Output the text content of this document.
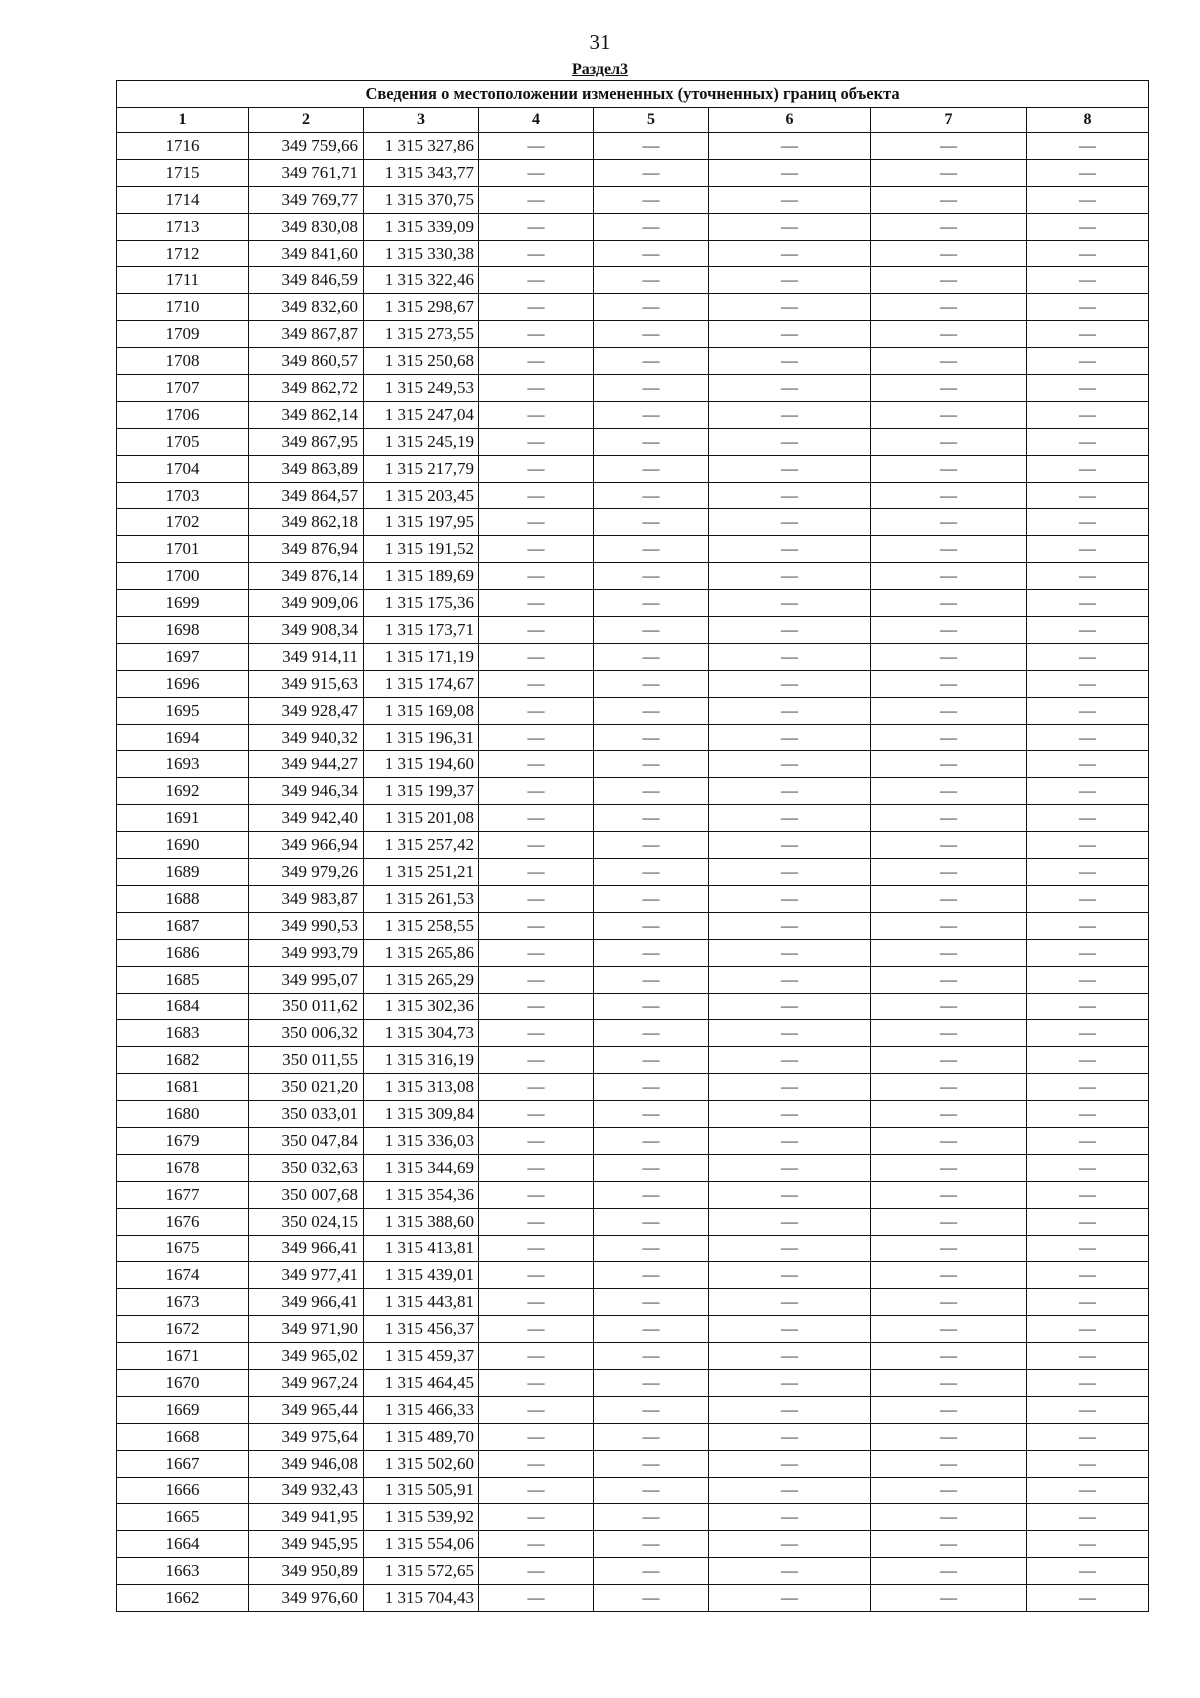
31
Раздел3
Сведения о местоположении измененных (уточненных) границ объекта							
1	2	3	4	5	6	7	8
1716	349 759,66	1 315 327,86	—	—	—	—	—
1715	349 761,71	1 315 343,77	—	—	—	—	—
1714	349 769,77	1 315 370,75	—	—	—	—	—
1713	349 830,08	1 315 339,09	—	—	—	—	—
1712	349 841,60	1 315 330,38	—	—	—	—	—
1711	349 846,59	1 315 322,46	—	—	—	—	—
1710	349 832,60	1 315 298,67	—	—	—	—	—
1709	349 867,87	1 315 273,55	—	—	—	—	—
1708	349 860,57	1 315 250,68	—	—	—	—	—
1707	349 862,72	1 315 249,53	—	—	—	—	—
1706	349 862,14	1 315 247,04	—	—	—	—	—
1705	349 867,95	1 315 245,19	—	—	—	—	—
1704	349 863,89	1 315 217,79	—	—	—	—	—
1703	349 864,57	1 315 203,45	—	—	—	—	—
1702	349 862,18	1 315 197,95	—	—	—	—	—
1701	349 876,94	1 315 191,52	—	—	—	—	—
1700	349 876,14	1 315 189,69	—	—	—	—	—
1699	349 909,06	1 315 175,36	—	—	—	—	—
1698	349 908,34	1 315 173,71	—	—	—	—	—
1697	349 914,11	1 315 171,19	—	—	—	—	—
1696	349 915,63	1 315 174,67	—	—	—	—	—
1695	349 928,47	1 315 169,08	—	—	—	—	—
1694	349 940,32	1 315 196,31	—	—	—	—	—
1693	349 944,27	1 315 194,60	—	—	—	—	—
1692	349 946,34	1 315 199,37	—	—	—	—	—
1691	349 942,40	1 315 201,08	—	—	—	—	—
1690	349 966,94	1 315 257,42	—	—	—	—	—
1689	349 979,26	1 315 251,21	—	—	—	—	—
1688	349 983,87	1 315 261,53	—	—	—	—	—
1687	349 990,53	1 315 258,55	—	—	—	—	—
1686	349 993,79	1 315 265,86	—	—	—	—	—
1685	349 995,07	1 315 265,29	—	—	—	—	—
1684	350 011,62	1 315 302,36	—	—	—	—	—
1683	350 006,32	1 315 304,73	—	—	—	—	—
1682	350 011,55	1 315 316,19	—	—	—	—	—
1681	350 021,20	1 315 313,08	—	—	—	—	—
1680	350 033,01	1 315 309,84	—	—	—	—	—
1679	350 047,84	1 315 336,03	—	—	—	—	—
1678	350 032,63	1 315 344,69	—	—	—	—	—
1677	350 007,68	1 315 354,36	—	—	—	—	—
1676	350 024,15	1 315 388,60	—	—	—	—	—
1675	349 966,41	1 315 413,81	—	—	—	—	—
1674	349 977,41	1 315 439,01	—	—	—	—	—
1673	349 966,41	1 315 443,81	—	—	—	—	—
1672	349 971,90	1 315 456,37	—	—	—	—	—
1671	349 965,02	1 315 459,37	—	—	—	—	—
1670	349 967,24	1 315 464,45	—	—	—	—	—
1669	349 965,44	1 315 466,33	—	—	—	—	—
1668	349 975,64	1 315 489,70	—	—	—	—	—
1667	349 946,08	1 315 502,60	—	—	—	—	—
1666	349 932,43	1 315 505,91	—	—	—	—	—
1665	349 941,95	1 315 539,92	—	—	—	—	—
1664	349 945,95	1 315 554,06	—	—	—	—	—
1663	349 950,89	1 315 572,65	—	—	—	—	—
1662	349 976,60	1 315 704,43	—	—	—	—	—
